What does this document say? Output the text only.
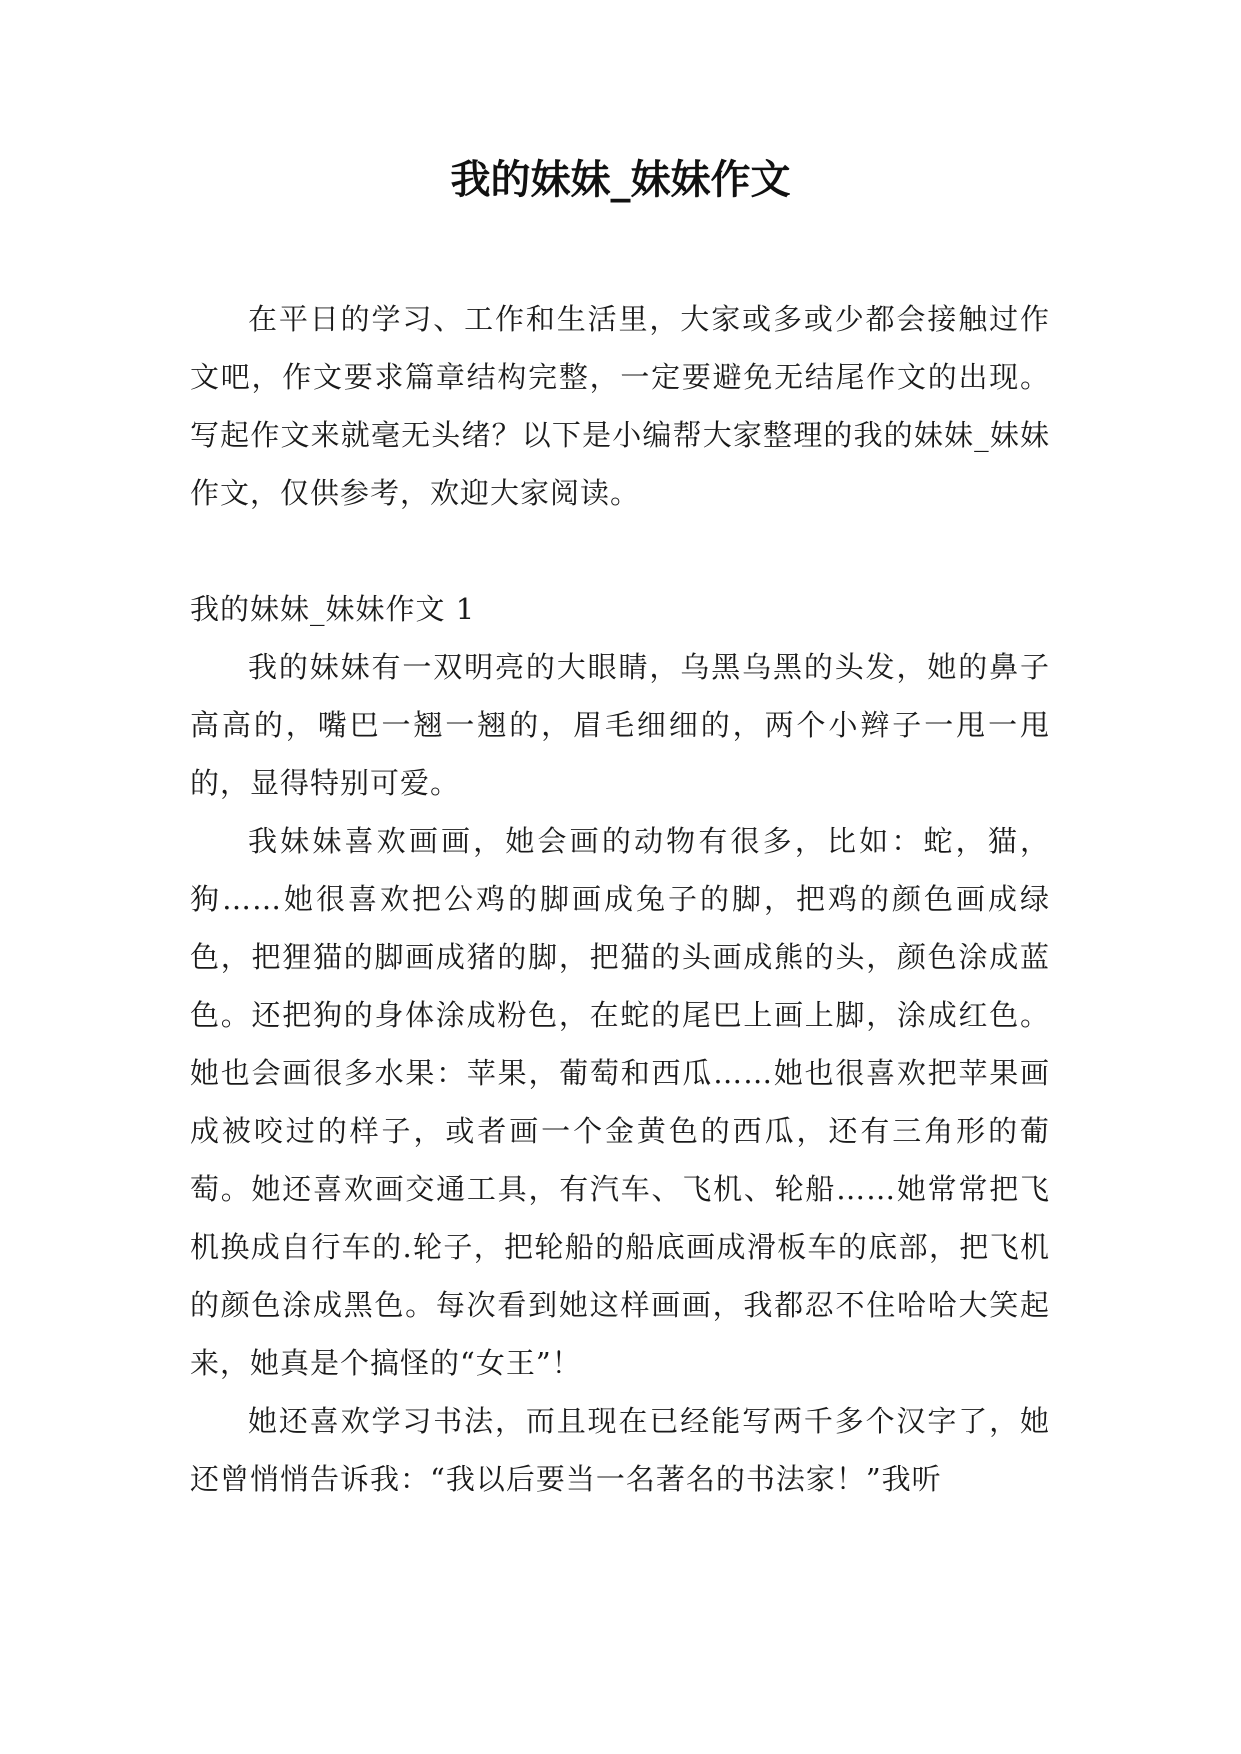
我的妹妹_妹妹作文

在平日的学习、工作和生活里，大家或多或少都会接触过作文吧，作文要求篇章结构完整，一定要避免无结尾作文的出现。写起作文来就毫无头绪？以下是小编帮大家整理的我的妹妹_妹妹作文，仅供参考，欢迎大家阅读。

我的妹妹_妹妹作文 1

我的妹妹有一双明亮的大眼睛，乌黑乌黑的头发，她的鼻子高高的，嘴巴一翘一翘的，眉毛细细的，两个小辫子一甩一甩的，显得特别可爱。

我妹妹喜欢画画，她会画的动物有很多，比如：蛇，猫，狗……她很喜欢把公鸡的脚画成兔子的脚，把鸡的颜色画成绿色，把狸猫的脚画成猪的脚，把猫的头画成熊的头，颜色涂成蓝色。还把狗的身体涂成粉色，在蛇的尾巴上画上脚，涂成红色。她也会画很多水果：苹果，葡萄和西瓜……她也很喜欢把苹果画成被咬过的样子，或者画一个金黄色的西瓜，还有三角形的葡萄。她还喜欢画交通工具，有汽车、飞机、轮船……她常常把飞机换成自行车的.轮子，把轮船的船底画成滑板车的底部，把飞机的颜色涂成黑色。每次看到她这样画画，我都忍不住哈哈大笑起来，她真是个搞怪的“女王”！

她还喜欢学习书法，而且现在已经能写两千多个汉字了，她还曾悄悄告诉我：“我以后要当一名著名的书法家！”我听
